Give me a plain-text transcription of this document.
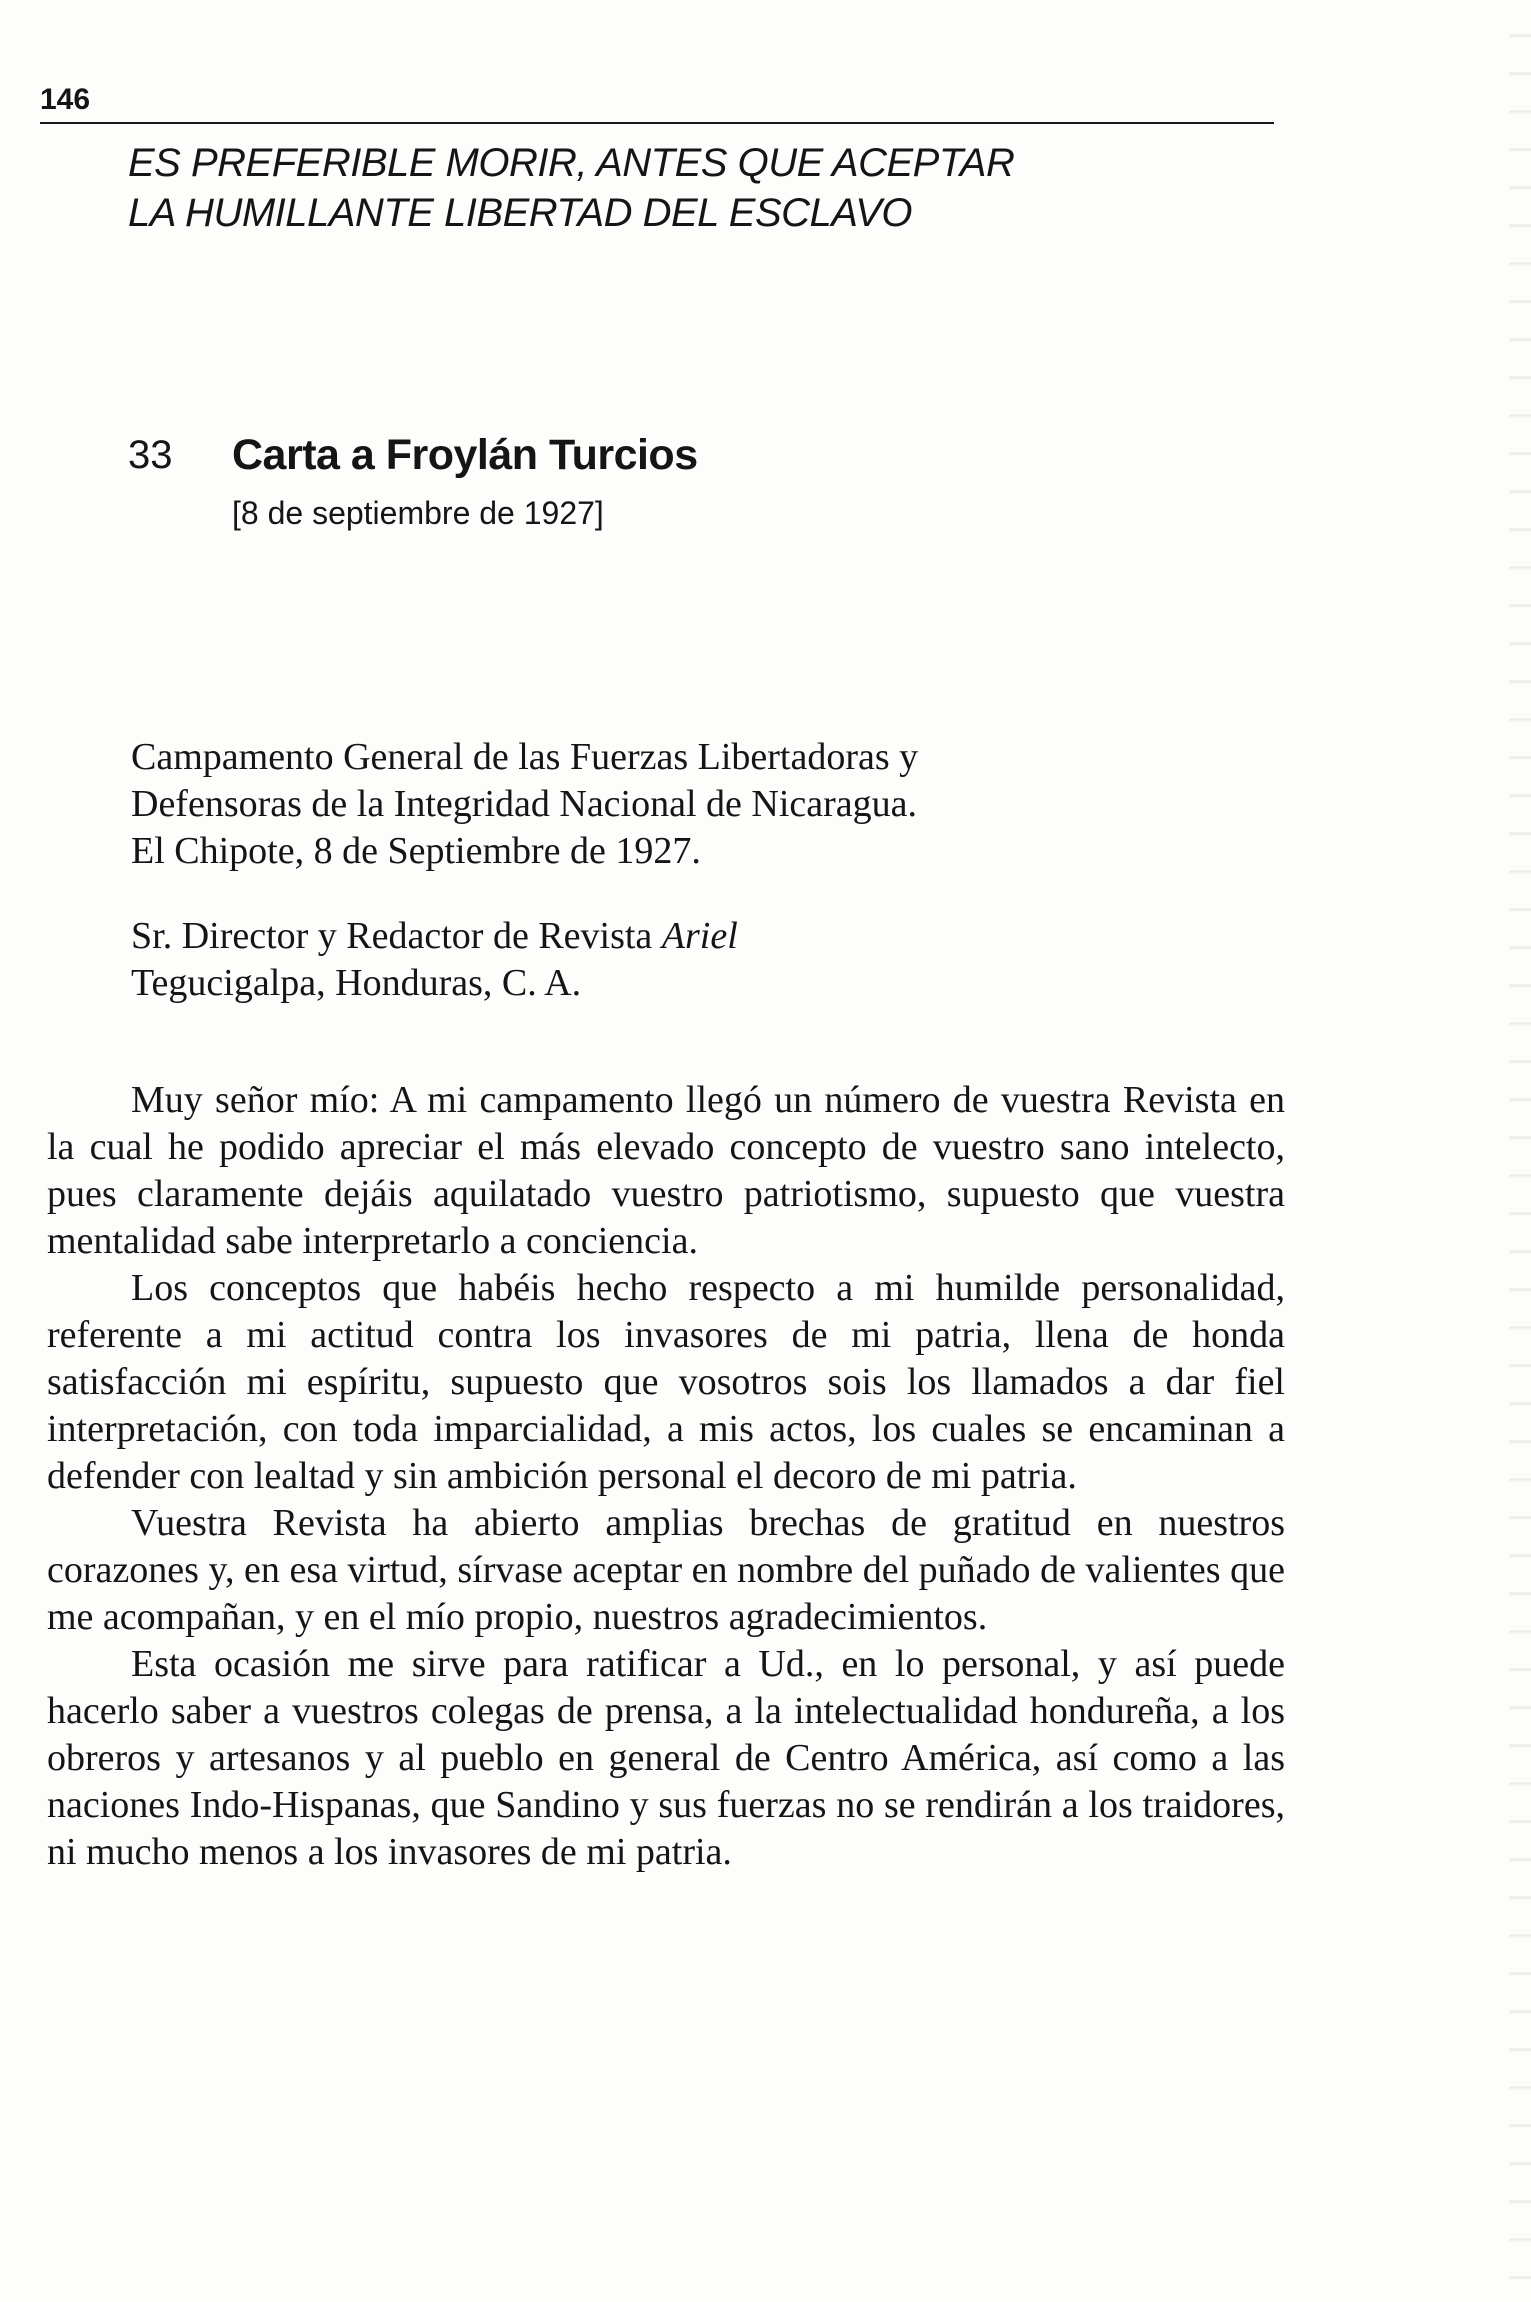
146
ES PREFERIBLE MORIR, ANTES QUE ACEPTAR
LA HUMILLANTE LIBERTAD DEL ESCLAVO
33 Carta a Froylán Turcios
[8 de septiembre de 1927]
Campamento General de las Fuerzas Libertadoras y
Defensoras de la Integridad Nacional de Nicaragua.
El Chipote, 8 de Septiembre de 1927.
Sr. Director y Redactor de Revista Ariel
Tegucigalpa, Honduras, C. A.

Muy señor mío: A mi campamento llegó un número de vuestra Revista en la cual he podido apreciar el más elevado concepto de vuestro sano intelecto, pues claramente dejáis aquilatado vuestro patriotismo, supuesto que vuestra mentalidad sabe interpretarlo a conciencia.

Los conceptos que habéis hecho respecto a mi humilde personalidad, referente a mi actitud contra los invasores de mi patria, llena de honda satisfacción mi espíritu, supuesto que vosotros sois los llamados a dar fiel interpretación, con toda imparcialidad, a mis actos, los cuales se encaminan a defender con lealtad y sin ambición personal el decoro de mi patria.

Vuestra Revista ha abierto amplias brechas de gratitud en nuestros corazones y, en esa virtud, sírvase aceptar en nombre del puñado de valientes que me acompañan, y en el mío propio, nuestros agradecimientos.

Esta ocasión me sirve para ratificar a Ud., en lo personal, y así puede hacerlo saber a vuestros colegas de prensa, a la intelectualidad hondureña, a los obreros y artesanos y al pueblo en general de Centro América, así como a las naciones Indo-Hispanas, que Sandino y sus fuerzas no se rendirán a los traidores, ni mucho menos a los invasores de mi patria.
